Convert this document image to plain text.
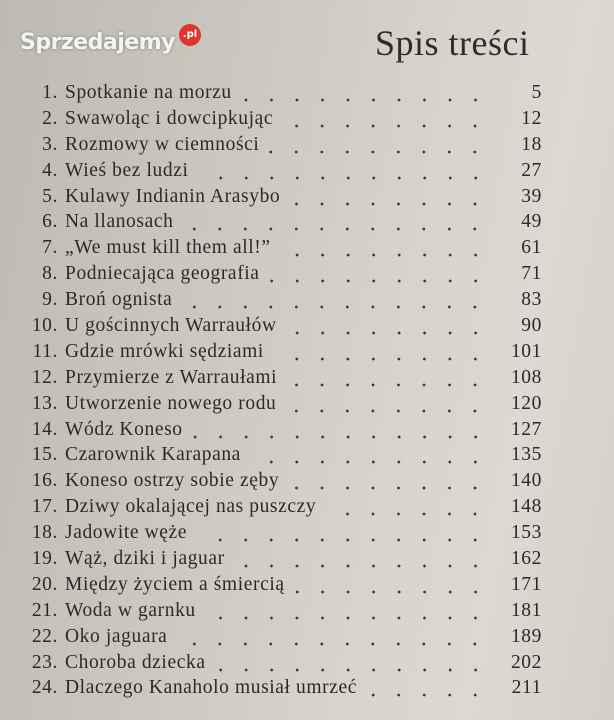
Spis treści
1. Spotkanie na morzu	5
2. Swawoląc i dowcipkując	12
3. Rozmowy w ciemności	18
4. Wieś bez ludzi	27
5. Kulawy Indianin Arasybo	39
6. Na llanosach	49
7. „We must kill them all!”	61
8. Podniecająca geografia	71
9. Broń ognista	83
10. U gościnnych Warraułów	90
11. Gdzie mrówki sędziami	101
12. Przymierze z Warraułami	108
13. Utworzenie nowego rodu	120
14. Wódz Koneso	127
15. Czarownik Karapana	135
16. Koneso ostrzy sobie zęby	140
17. Dziwy okalającej nas puszczy	148
18. Jadowite węże	153
19. Wąż, dziki i jaguar	162
20. Między życiem a śmiercią	171
21. Woda w garnku	181
22. Oko jaguara	189
23. Choroba dziecka	202
24. Dlaczego Kanaholo musiał umrzeć	211
Sprzedajemy .pl
